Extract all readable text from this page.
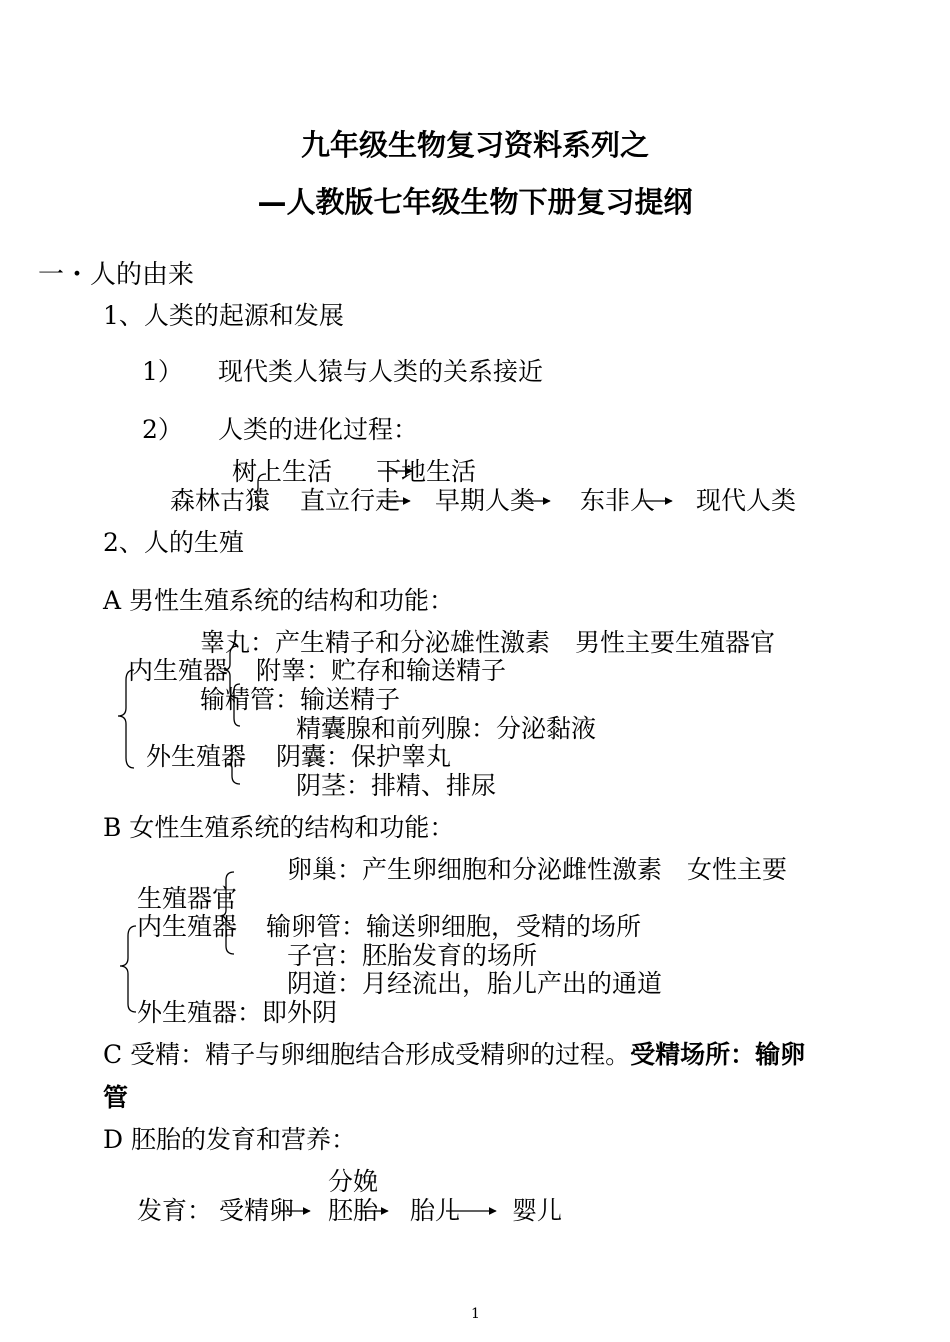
九年级生物复习资料系列之
—人教版七年级生物下册复习提纲
一・人的由来
1、人类的起源和发展
1） 现代类人猿与人类的关系接近
2） 人类的进化过程：
树上生活 下地生活
森林古猿 直立行走 早期人类 东非人 现代人类
2、人的生殖
A 男性生殖系统的结构和功能：
睾丸：产生精子和分泌雄性激素　男性主要生殖器官
内生殖器 附睾：贮存和输送精子
输精管：输送精子
精囊腺和前列腺：分泌黏液
外生殖器 阴囊：保护睾丸
阴茎：排精、排尿
B 女性生殖系统的结构和功能：
卵巢：产生卵细胞和分泌雌性激素　女性主要
生殖器官
内生殖器 输卵管：输送卵细胞，受精的场所
子宫：胚胎发育的场所
阴道：月经流出，胎儿产出的通道
外生殖器：即外阴
C 受精：精子与卵细胞结合形成受精卵的过程。受精场所：输卵
管
D 胚胎的发育和营养：
分娩
发育： 受精卵 胚胎 胎儿 婴儿
1
